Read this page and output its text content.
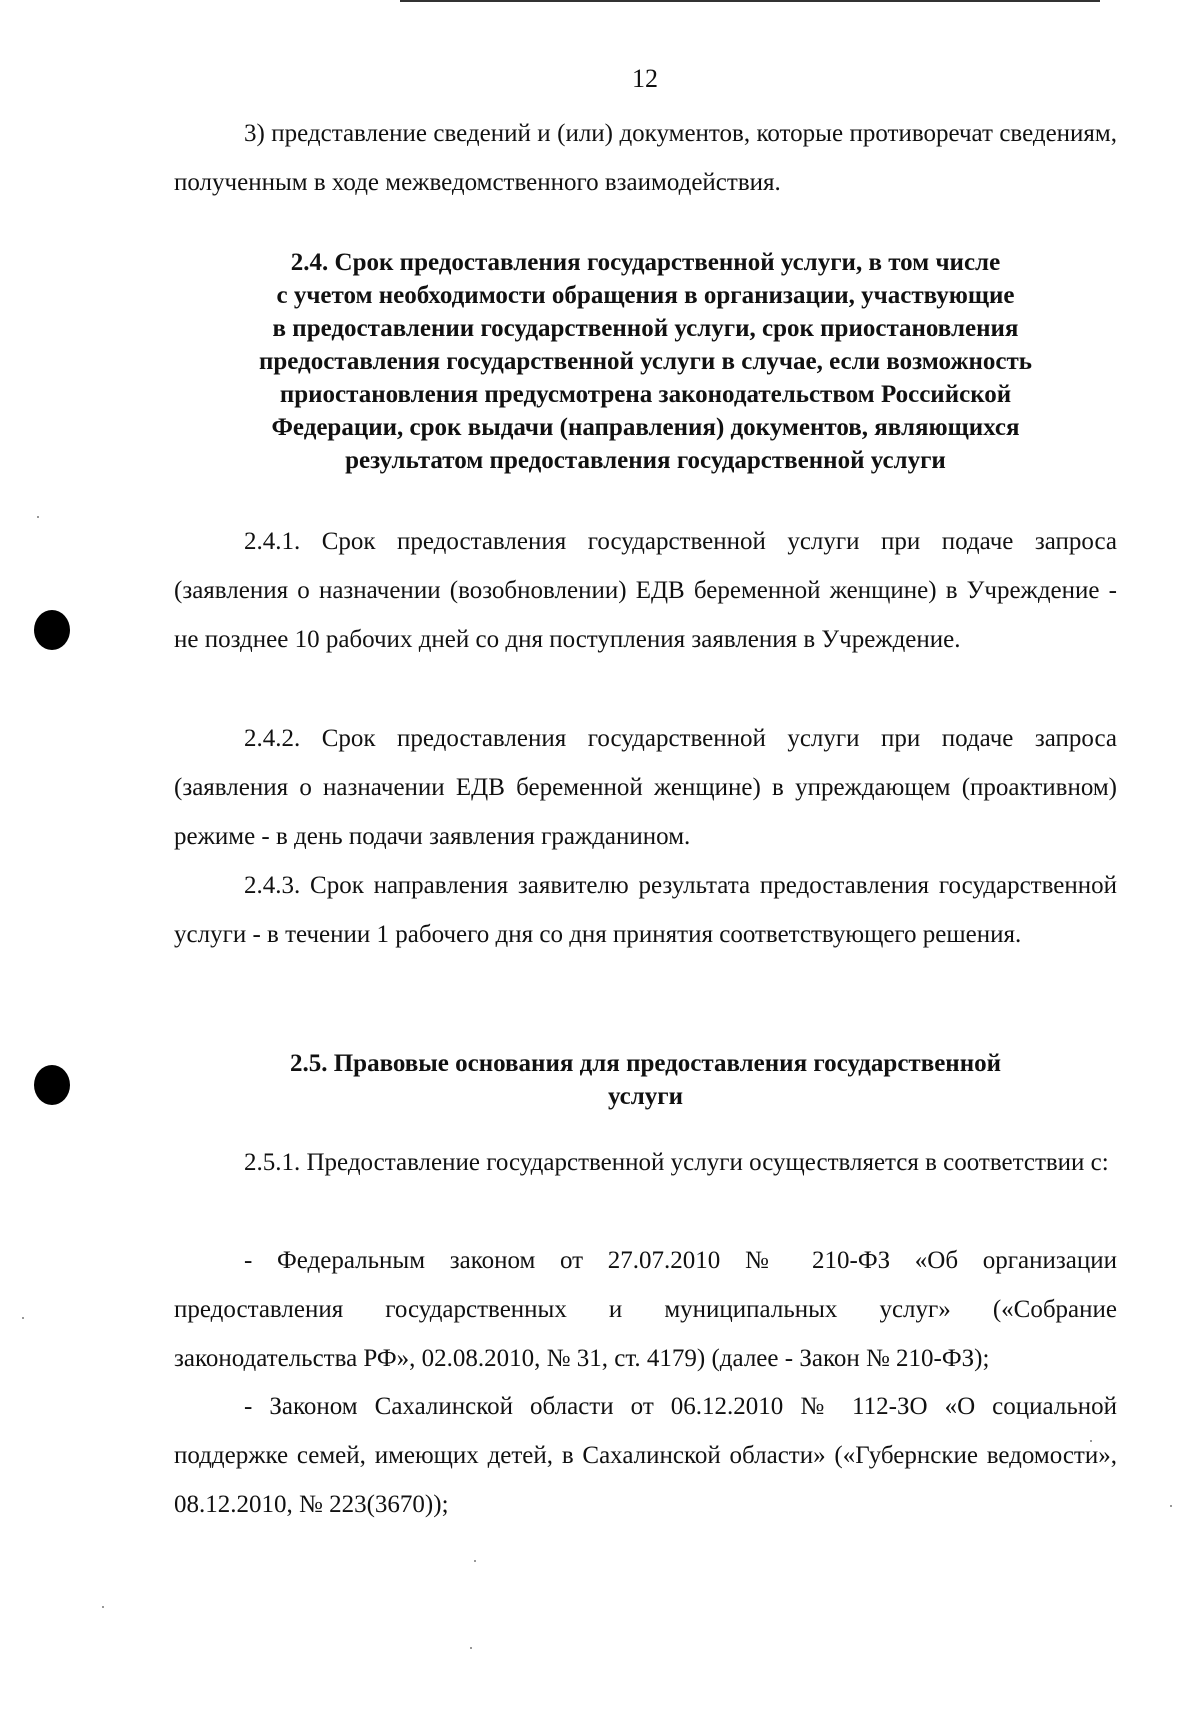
12
3) представление сведений и (или) документов, которые противоречат сведениям, полученным в ходе межведомственного взаимодействия.
2.4. Срок предоставления государственной услуги, в том числе
с учетом необходимости обращения в организации, участвующие
в предоставлении государственной услуги, срок приостановления
предоставления государственной услуги в случае, если возможность
приостановления предусмотрена законодательством Российской
Федерации, срок выдачи (направления) документов, являющихся
результатом предоставления государственной услуги
2.4.1. Срок предоставления государственной услуги при подаче запроса (заявления о назначении (возобновлении) ЕДВ беременной женщине) в Учреждение - не позднее 10 рабочих дней со дня поступления заявления в Учреждение.
2.4.2. Срок предоставления государственной услуги при подаче запроса (заявления о назначении ЕДВ беременной женщине) в упреждающем (проактивном) режиме - в день подачи заявления гражданином.
2.4.3. Срок направления заявителю результата предоставления государственной услуги - в течении 1 рабочего дня со дня принятия соответствующего решения.
2.5. Правовые основания для предоставления государственной
услуги
2.5.1. Предоставление государственной услуги осуществляется в соответствии с:
- Федеральным законом от 27.07.2010 № 210-ФЗ «Об организации предоставления государственных и муниципальных услуг» («Собрание законодательства РФ», 02.08.2010, № 31, ст. 4179) (далее - Закон № 210-ФЗ);
- Законом Сахалинской области от 06.12.2010 № 112-ЗО «О социальной поддержке семей, имеющих детей, в Сахалинской области» («Губернские ведомости», 08.12.2010, № 223(3670));
